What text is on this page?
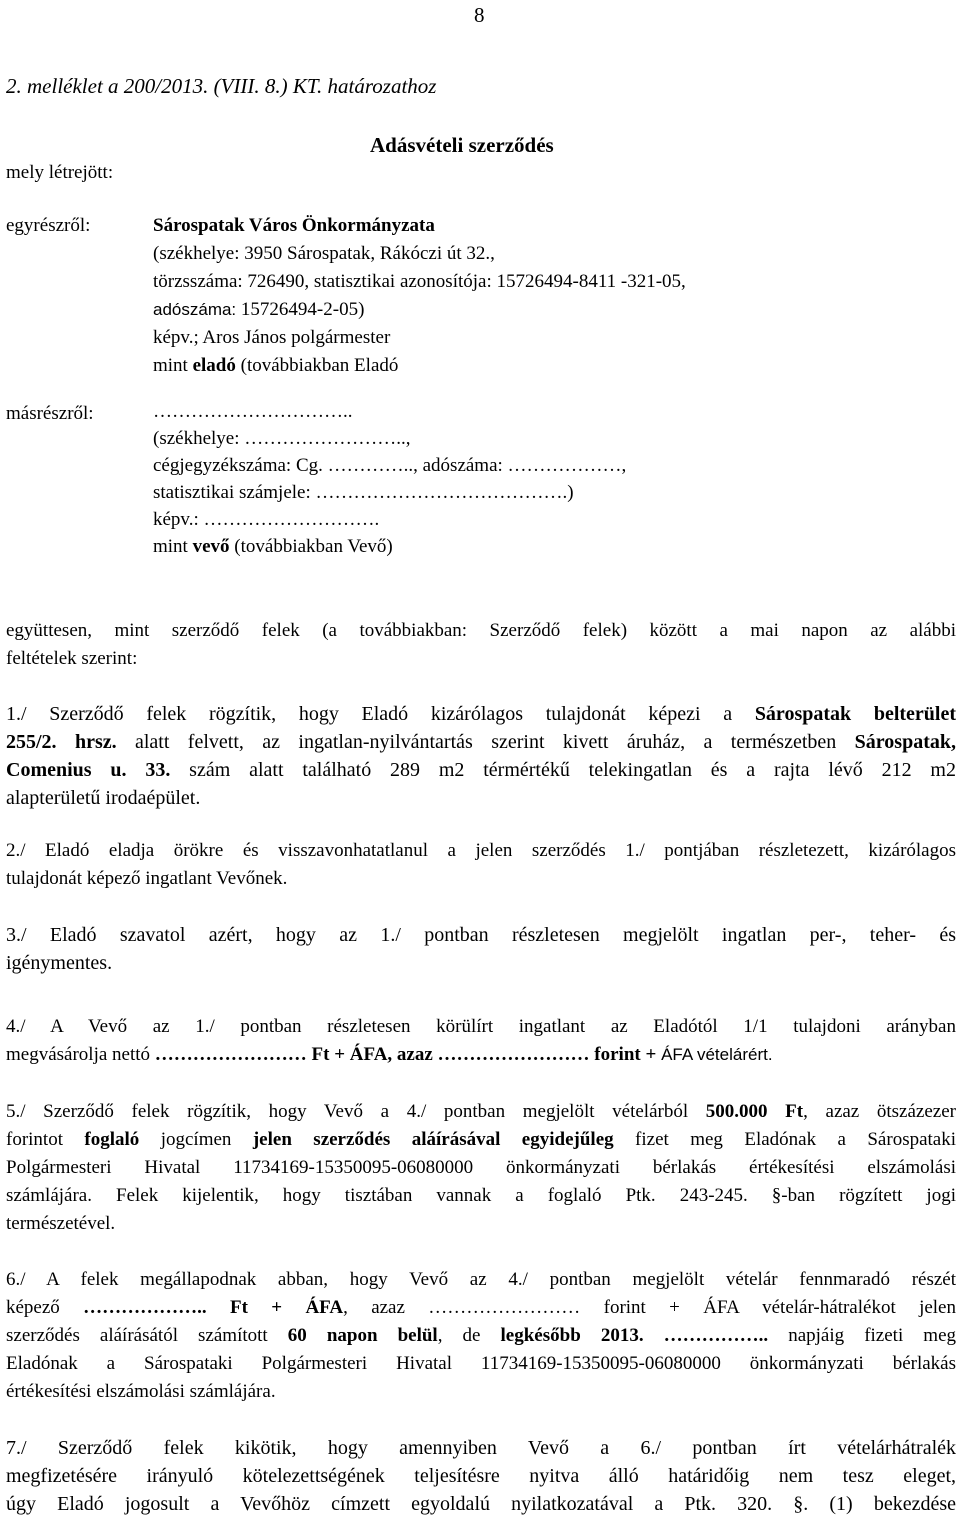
8
2. melléklet a 200/2013. (VIII. 8.) KT. határozathoz
mely létrejött:
Adásvételi szerződés
egyrészről:	Sárospatak Város Önkormányzata
(székhelye: 3950 Sárospatak, Rákóczi út 32.,
törzsszáma: 726490, statisztikai azonosítója: 15726494-8411 -321-05,
adószáma: 15726494-2-05)
képv.; Aros János polgármester
mint eladó (továbbiakban Eladó
másrészről:	…………………………..
(székhelye: ……………………..,
cégjegyzékszáma: Cg. ………….., adószáma: ………………,
statisztikai számjele: ………………………………….)
képv.: ……………………….
mint vevő (továbbiakban Vevő)
együttesen, mint szerződő felek (a továbbiakban: Szerződő felek) között a mai napon az alábbi
feltételek szerint:
1./ Szerződő felek rögzítik, hogy Eladó kizárólagos tulajdonát képezi a Sárospatak belterület
255/2. hrsz. alatt felvett, az ingatlan-nyilvántartás szerint kivett áruház, a természetben Sárospatak,
Comenius u. 33. szám alatt található 289 m2 térmértékű telekingatlan és a rajta lévő 212 m2
alapterületű irodaépület.
2./ Eladó eladja örökre és visszavonhatatlanul a jelen szerződés 1./ pontjában részletezett, kizárólagos
tulajdonát képező ingatlant Vevőnek.
3./ Eladó szavatol azért, hogy az 1./ pontban részletesen megjelölt ingatlan per-, teher- és
igénymentes.
4./ A Vevő az 1./ pontban részletesen körülírt ingatlant az Eladótól 1/1 tulajdoni arányban
megvásárolja nettó …………………… Ft + ÁFA, azaz …………………… forint + ÁFA vételárért.
5./ Szerződő felek rögzítik, hogy Vevő a 4./ pontban megjelölt vételárból 500.000 Ft, azaz ötszázezer
forintot foglaló jogcímen jelen szerződés aláírásával egyidejűleg fizet meg Eladónak a Sárospataki
Polgármesteri Hivatal 11734169-15350095-06080000 önkormányzati bérlakás értékesítési elszámolási
számlájára. Felek kijelentik, hogy tisztában vannak a foglaló Ptk. 243-245. §-ban rögzített jogi
természetével.
6./ A felek megállapodnak abban, hogy Vevő az 4./ pontban megjelölt vételár fennmaradó részét
képező ……………….. Ft + ÁFA, azaz …………………… forint + ÁFA vételár-hátralékot jelen
szerződés aláírásától számított 60 napon belül, de legkésőbb 2013. …………….. napjáig fizeti meg
Eladónak a Sárospataki Polgármesteri Hivatal 11734169-15350095-06080000 önkormányzati bérlakás
értékesítési elszámolási számlájára.
7./ Szerződő felek kikötik, hogy amennyiben Vevő a 6./ pontban írt vételárhátralék
megfizetésére irányuló kötelezettségének teljesítésre nyitva álló határidőig nem tesz eleget,
úgy Eladó jogosult a Vevőhöz címzett egyoldalú nyilatkozatával a Ptk. 320. §. (1) bekezdése
